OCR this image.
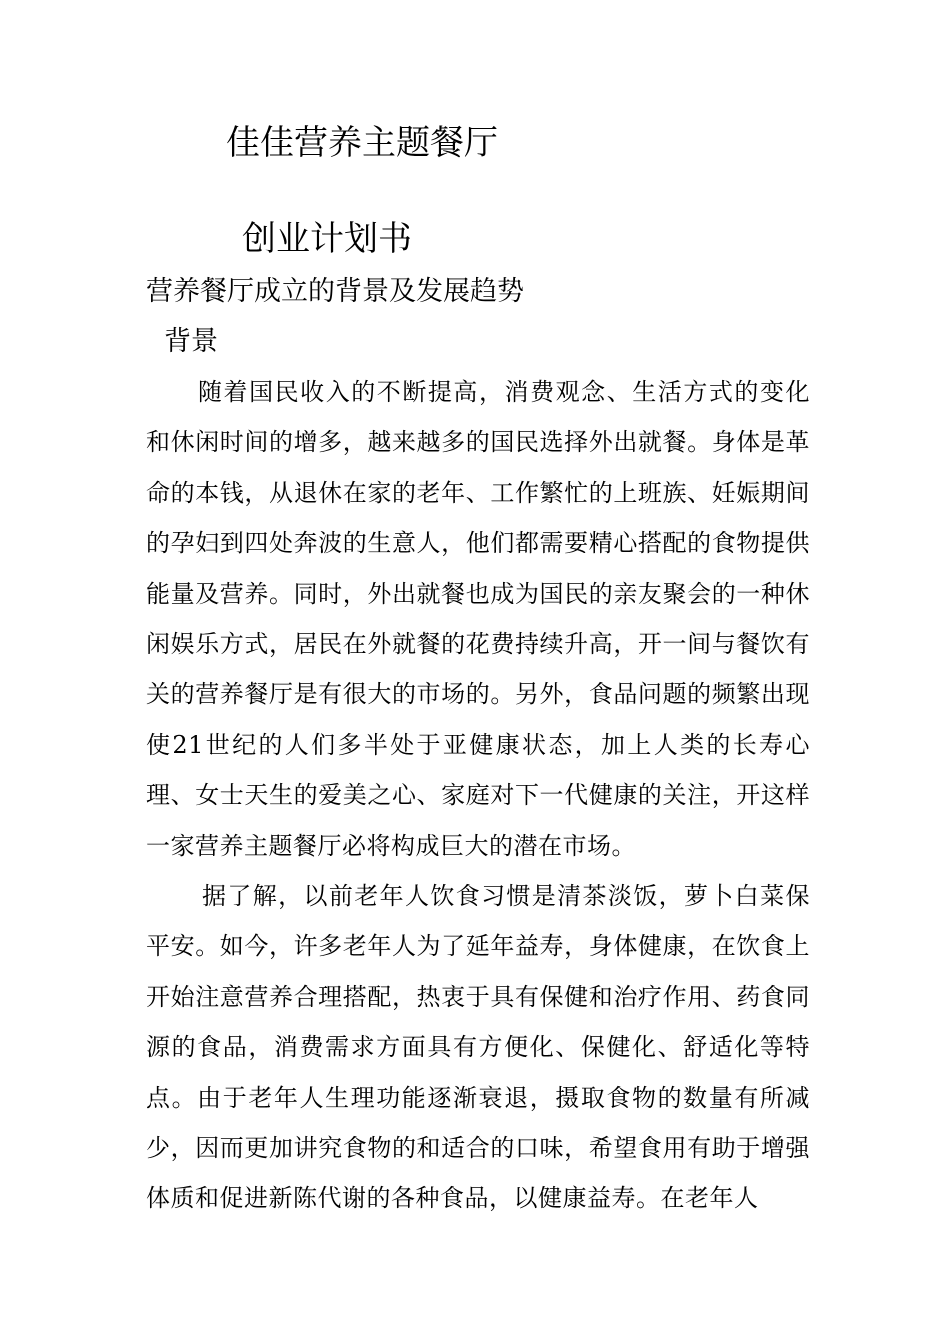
佳佳营养主题餐厅
创业计划书
营养餐厅成立的背景及发展趋势
背景

随着国民收入的不断提高，消费观念、生活方式的变化和休闲时间的增多，越来越多的国民选择外出就餐。身体是革命的本钱，从退休在家的老年、工作繁忙的上班族、妊娠期间的孕妇到四处奔波的生意人，他们都需要精心搭配的食物提供能量及营养。同时，外出就餐也成为国民的亲友聚会的一种休闲娱乐方式，居民在外就餐的花费持续升高，开一间与餐饮有关的营养餐厅是有很大的市场的。另外，食品问题的频繁出现使21世纪的人们多半处于亚健康状态，加上人类的长寿心理、女士天生的爱美之心、家庭对下一代健康的关注，开这样一家营养主题餐厅必将构成巨大的潜在市场。

据了解，以前老年人饮食习惯是清茶淡饭，萝卜白菜保平安。如今，许多老年人为了延年益寿，身体健康，在饮食上开始注意营养合理搭配，热衷于具有保健和治疗作用、药食同源的食品，消费需求方面具有方便化、保健化、舒适化等特点。由于老年人生理功能逐渐衰退，摄取食物的数量有所减少，因而更加讲究食物的和适合的口味，希望食用有助于增强体质和促进新陈代谢的各种食品，以健康益寿。在老年人
